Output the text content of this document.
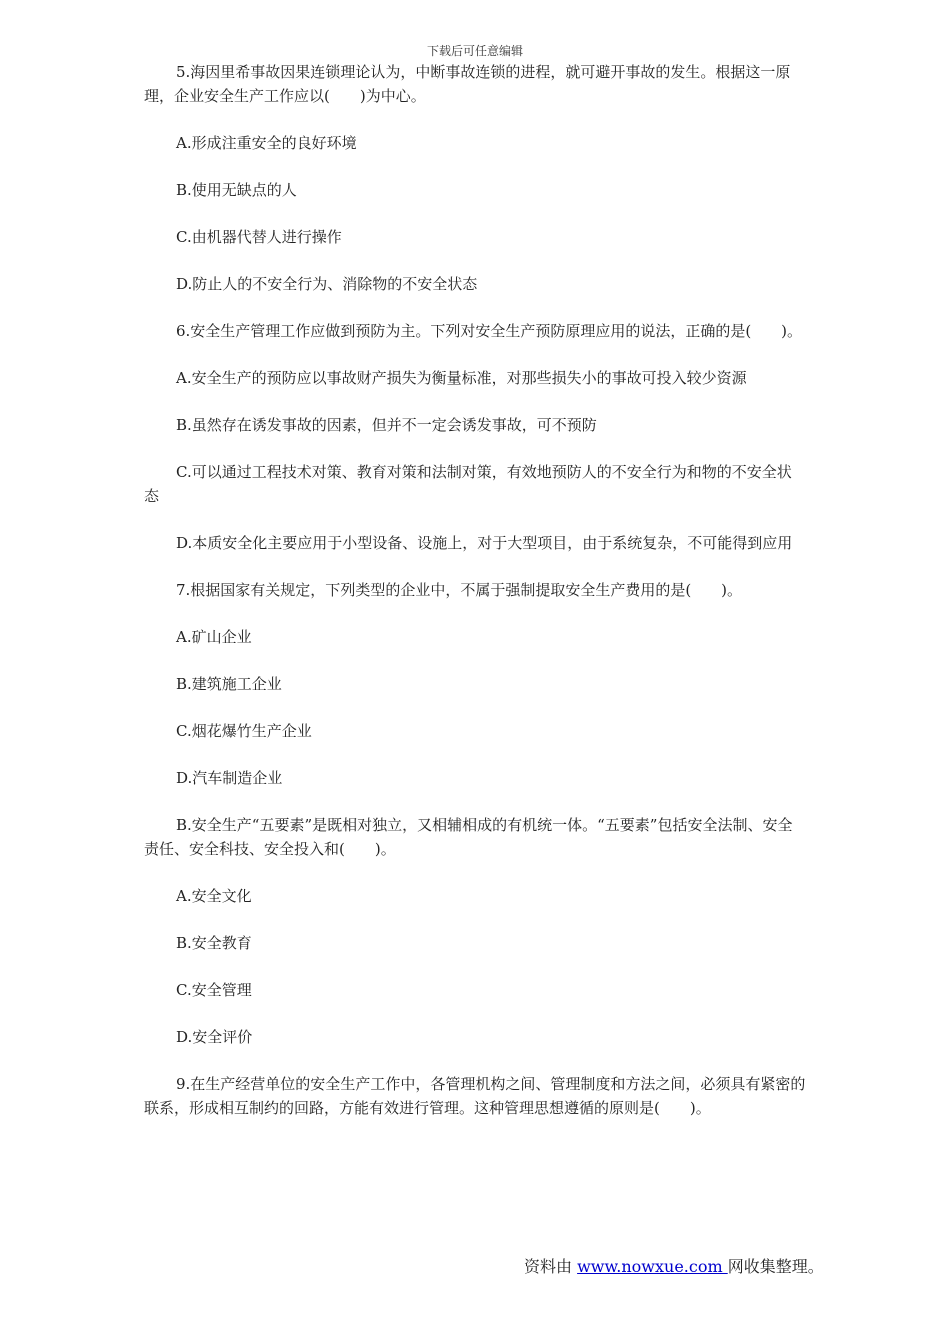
下载后可任意编辑

5.海因里希事故因果连锁理论认为，中断事故连锁的进程，就可避开事故的发生。根据这一原理，企业安全生产工作应以(　　)为中心。

A.形成注重安全的良好环境

B.使用无缺点的人

C.由机器代替人进行操作

D.防止人的不安全行为、消除物的不安全状态

6.安全生产管理工作应做到预防为主。下列对安全生产预防原理应用的说法，正确的是(　　)。

A.安全生产的预防应以事故财产损失为衡量标准，对那些损失小的事故可投入较少资源

B.虽然存在诱发事故的因素，但并不一定会诱发事故，可不预防

C.可以通过工程技术对策、教育对策和法制对策，有效地预防人的不安全行为和物的不安全状态

D.本质安全化主要应用于小型设备、设施上，对于大型项目，由于系统复杂，不可能得到应用

7.根据国家有关规定，下列类型的企业中，不属于强制提取安全生产费用的是(　　)。

A.矿山企业

B.建筑施工企业

C.烟花爆竹生产企业

D.汽车制造企业

B.安全生产“五要素”是既相对独立，又相辅相成的有机统一体。“五要素”包括安全法制、安全责任、安全科技、安全投入和(　　)。

A.安全文化

B.安全教育

C.安全管理

D.安全评价

9.在生产经营单位的安全生产工作中，各管理机构之间、管理制度和方法之间，必须具有紧密的联系，形成相互制约的回路，方能有效进行管理。这种管理思想遵循的原则是(　　)。

资料由 www.nowxue.com 网收集整理。
